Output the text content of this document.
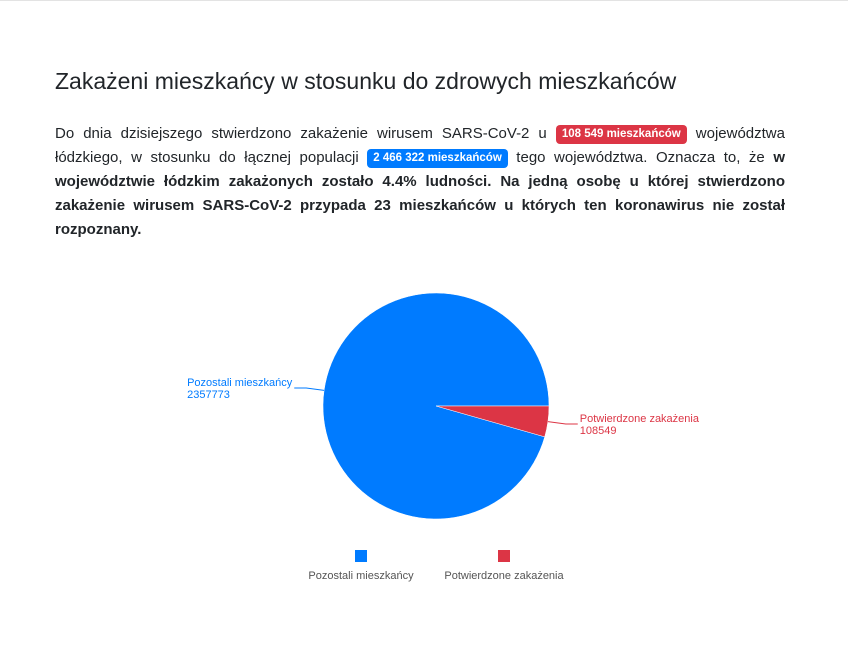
Zakażeni mieszkańcy w stosunku do zdrowych mieszkańców

Do dnia dzisiejszego stwierdzono zakażenie wirusem SARS-CoV-2 u 108 549 mieszkańców województwa łódzkiego, w stosunku do łącznej populacji 2 466 322 mieszkańców tego województwa. Oznacza to, że w województwie łódzkim zakażonych zostało 4.4% ludności. Na jedną osobę u której stwierdzono zakażenie wirusem SARS-CoV-2 przypada 23 mieszkańców u których ten koronawirus nie został rozpoznany.

Pozostali mieszkańcy
2357773
Potwierdzone zakażenia
108549
Pozostali mieszkańcy	Potwierdzone zakażenia
